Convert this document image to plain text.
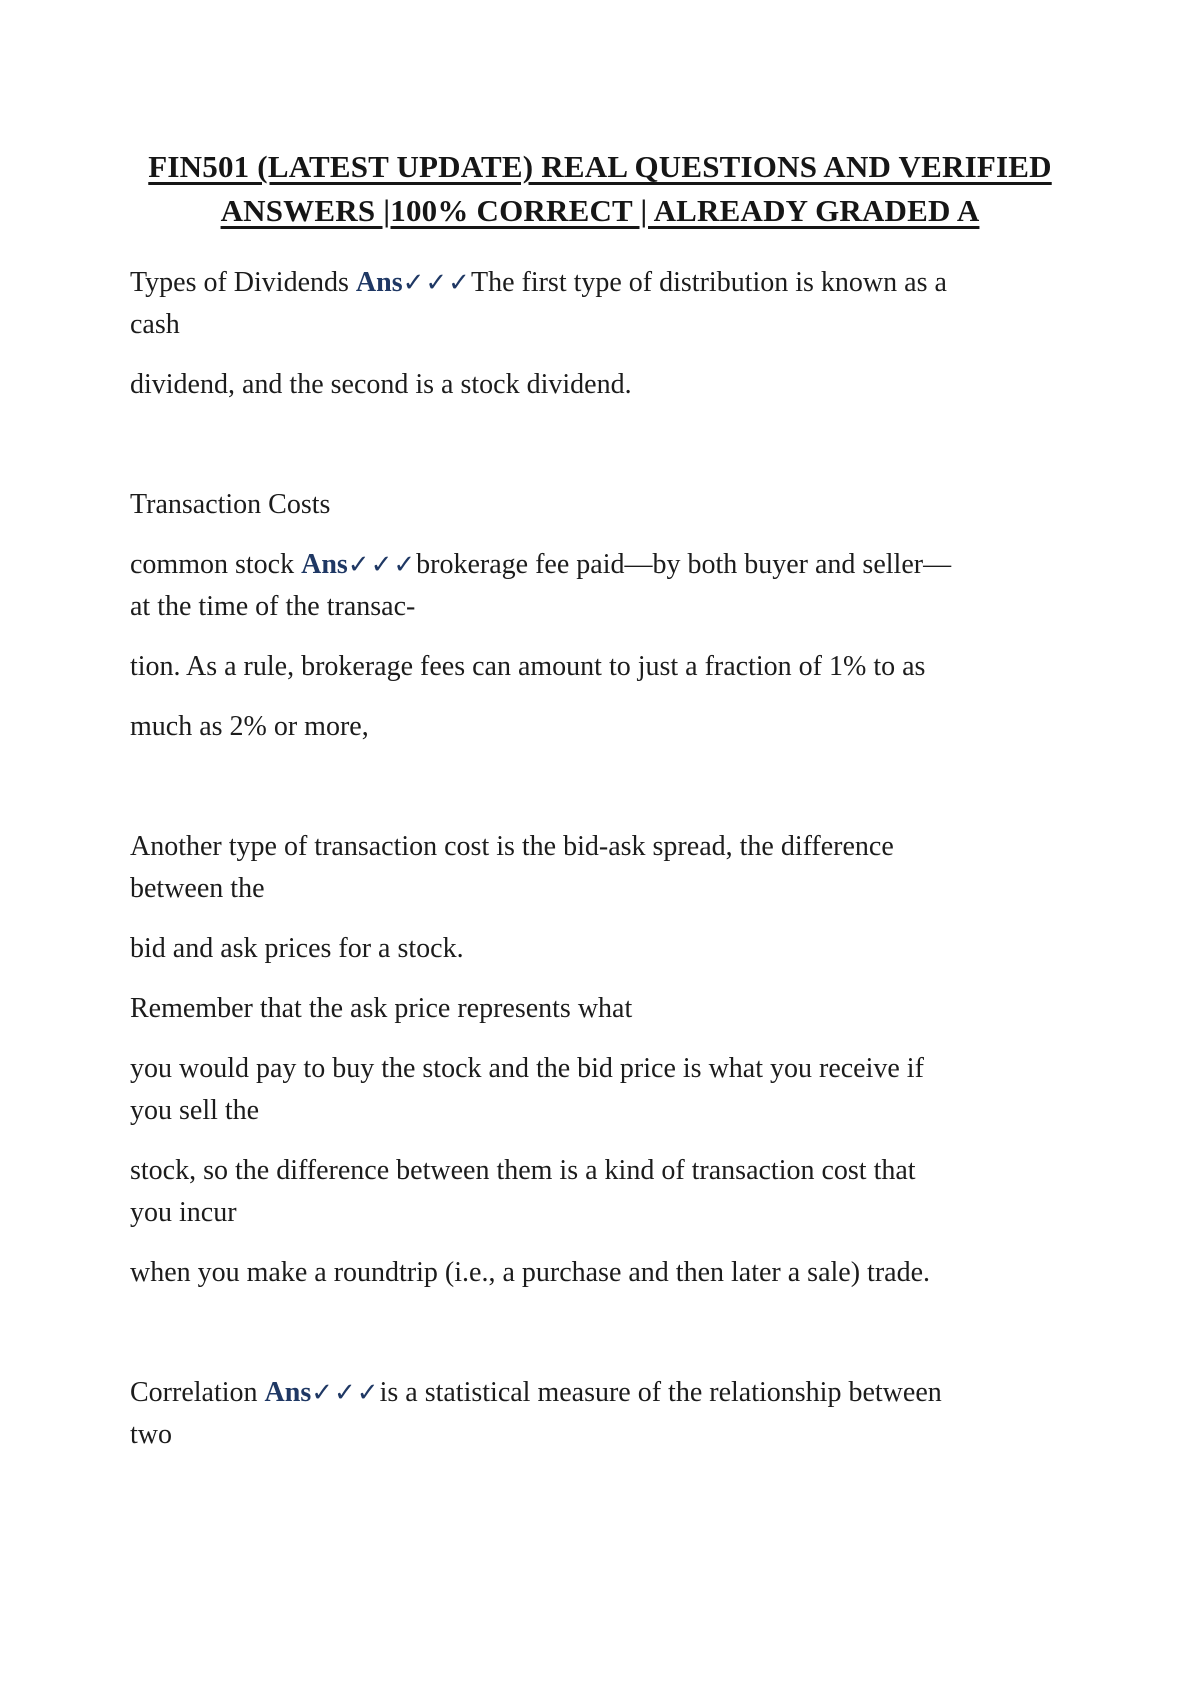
FIN501 (LATEST UPDATE) REAL QUESTIONS AND VERIFIED
ANSWERS |100% CORRECT | ALREADY GRADED A

Types of Dividends Ans✓✓✓The first type of distribution is known as a
cash

dividend, and the second is a stock dividend.

Transaction Costs

common stock Ans✓✓✓brokerage fee paid—by both buyer and seller—
at the time of the transac-

tion. As a rule, brokerage fees can amount to just a fraction of 1% to as

much as 2% or more,

Another type of transaction cost is the bid-ask spread, the difference
between the

bid and ask prices for a stock.

Remember that the ask price represents what

you would pay to buy the stock and the bid price is what you receive if
you sell the

stock, so the difference between them is a kind of transaction cost that
you incur

when you make a roundtrip (i.e., a purchase and then later a sale) trade.

Correlation Ans✓✓✓is a statistical measure of the relationship between
two
